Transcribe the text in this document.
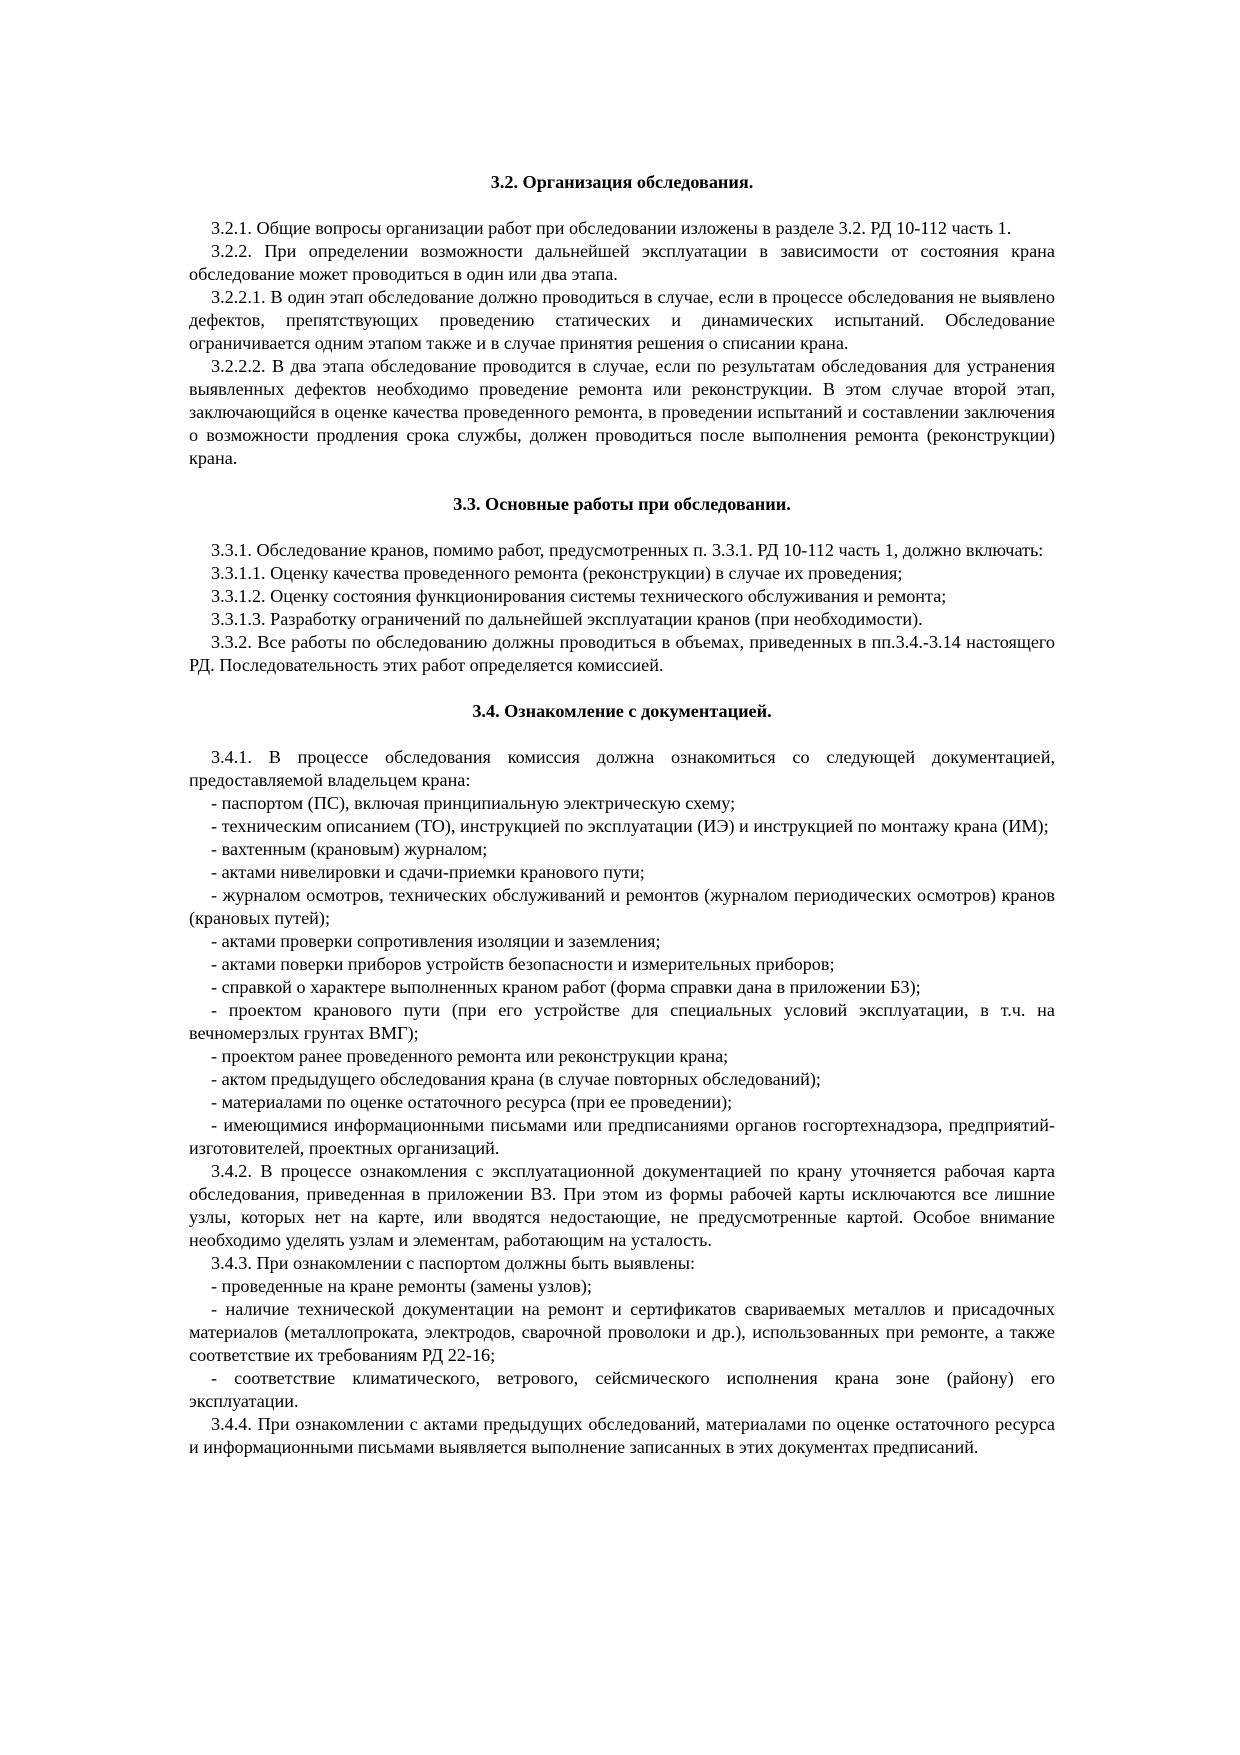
3.2. Организация обследования.

3.2.1. Общие вопросы организации работ при обследовании изложены в разделе 3.2. РД 10-112 часть 1.

3.2.2. При определении возможности дальнейшей эксплуатации в зависимости от состояния крана обследование может проводиться в один или два этапа.

3.2.2.1. В один этап обследование должно проводиться в случае, если в процессе обследования не выявлено дефектов, препятствующих проведению статических и динамических испытаний. Обследование ограничивается одним этапом также и в случае принятия решения о списании крана.

3.2.2.2. В два этапа обследование проводится в случае, если по результатам обследования для устранения выявленных дефектов необходимо проведение ремонта или реконструкции. В этом случае второй этап, заключающийся в оценке качества проведенного ремонта, в проведении испытаний и составлении заключения о возможности продления срока службы, должен проводиться после выполнения ремонта (реконструкции) крана.

3.3. Основные работы при обследовании.

3.3.1. Обследование кранов, помимо работ, предусмотренных п. 3.3.1. РД 10-112 часть 1, должно включать:

3.3.1.1. Оценку качества проведенного ремонта (реконструкции) в случае их проведения;

3.3.1.2. Оценку состояния функционирования системы технического обслуживания и ремонта;

3.3.1.3. Разработку ограничений по дальнейшей эксплуатации кранов (при необходимости).

3.3.2. Все работы по обследованию должны проводиться в объемах, приведенных в пп.3.4.-3.14 настоящего РД. Последовательность этих работ определяется комиссией.

3.4. Ознакомление с документацией.

3.4.1. В процессе обследования комиссия должна ознакомиться со следующей документацией, предоставляемой владельцем крана:

- паспортом (ПС), включая принципиальную электрическую схему;

- техническим описанием (ТО), инструкцией по эксплуатации (ИЭ) и инструкцией по монтажу крана (ИМ);

- вахтенным (крановым) журналом;

- актами нивелировки и сдачи-приемки кранового пути;

- журналом осмотров, технических обслуживаний и ремонтов (журналом периодических осмотров) кранов (крановых путей);

- актами проверки сопротивления изоляции и заземления;

- актами поверки приборов устройств безопасности и измерительных приборов;

- справкой о характере выполненных краном работ (форма справки дана в приложении Б3);

- проектом кранового пути (при его устройстве для специальных условий эксплуатации, в т.ч. на вечномерзлых грунтах ВМГ);

- проектом ранее проведенного ремонта или реконструкции крана;

- актом предыдущего обследования крана (в случае повторных обследований);

- материалами по оценке остаточного ресурса (при ее проведении);

- имеющимися информационными письмами или предписаниями органов госгортехнадзора, предприятий-изготовителей, проектных организаций.

3.4.2. В процессе ознакомления с эксплуатационной документацией по крану уточняется рабочая карта обследования, приведенная в приложении В3. При этом из формы рабочей карты исключаются все лишние узлы, которых нет на карте, или вводятся недостающие, не предусмотренные картой. Особое внимание необходимо уделять узлам и элементам, работающим на усталость.

3.4.3. При ознакомлении с паспортом должны быть выявлены:

- проведенные на кране ремонты (замены узлов);

- наличие технической документации на ремонт и сертификатов свариваемых металлов и присадочных материалов (металлопроката, электродов, сварочной проволоки и др.), использованных при ремонте, а также соответствие их требованиям РД 22-16;

- соответствие климатического, ветрового, сейсмического исполнения крана зоне (району) его эксплуатации.

3.4.4. При ознакомлении с актами предыдущих обследований, материалами по оценке остаточного ресурса и информационными письмами выявляется выполнение записанных в этих документах предписаний.
